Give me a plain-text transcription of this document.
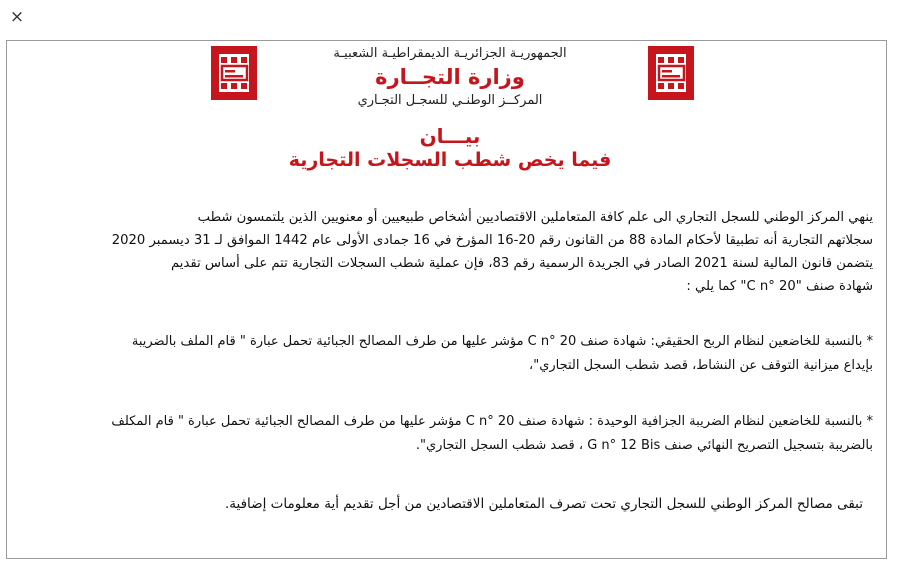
×
الجمهوريـة الجزائريـة الديمقراطيـة الشعبيـة
وزارة التجــارة
المركــز الوطنـي للسجـل التجـاري
بيـــان
فيما يخص شطب السجلات التجارية
ينهي المركز الوطني للسجل التجاري الى علم كافة المتعاملين الاقتصاديين أشخاص طبيعيين أو معنويين الذين يلتمسون شطب
سجلاتهم التجارية أنه تطبيقا لأحكام المادة 88 من القانون رقم 20-16 المؤرخ في 16 جمادى الأولى عام 1442 الموافق لـ 31 ديسمبر 2020
يتضمن قانون المالية لسنة 2021 الصادر في الجريدة الرسمية رقم 83، فإن عملية شطب السجلات التجارية تتم على أساس تقديم
شهادة صنف "C n° 20" كما يلي :
* بالنسبة للخاضعين لنظام الربح الحقيقي: شهادة صنف C n° 20 مؤشر عليها من طرف المصالح الجبائية تحمل عبارة " قام الملف بالضريبة
بإيداع ميزانية التوقف عن النشاط، قصد شطب السجل التجاري"،
* بالنسبة للخاضعين لنظام الضريبة الجزافية الوحيدة : شهادة صنف C n° 20 مؤشر عليها من طرف المصالح الجبائية تحمل عبارة " قام المكلف
بالضريبة بتسجيل التصريح النهائي صنف G n° 12 Bis ، قصد شطب السجل التجاري".
تبقى مصالح المركز الوطني للسجل التجاري تحت تصرف المتعاملين الاقتصادين من أجل تقديم أية معلومات إضافية.
